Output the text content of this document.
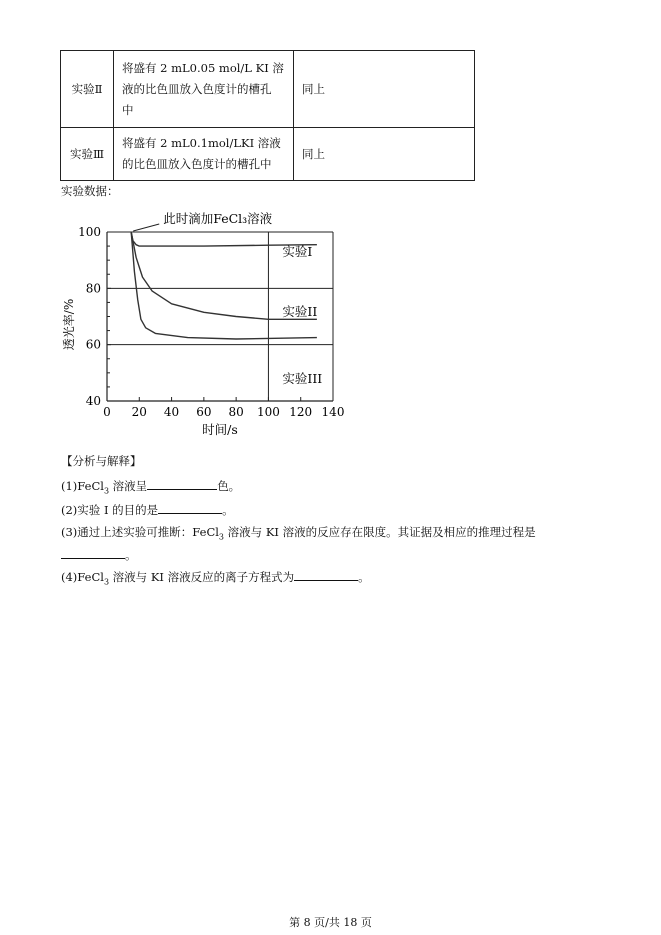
实验Ⅱ	将盛有 2 mL0.05 mol/L KI 溶
液的比色皿放入色度计的槽孔
中	同上
实验Ⅲ	将盛有 2 mL0.1mol/LKI 溶液
的比色皿放入色度计的槽孔中	同上
实验数据：
40
60
80
100
0 20 40 60 80 100 120 140
实验I
实验II
实验III
此时滴加FeCl₃溶液
时间/s
透光率/%
【分析与解释】
(1)FeCl$_3$ 溶液呈	色。
(2)实验 I 的目的是	。
(3)通过上述实验可推断：FeCl$_3$ 溶液与 KI 溶液的反应存在限度。其证据及相应的推理过程是
。
(4)FeCl$_3$ 溶液与 KI 溶液反应的离子方程式为	。
第 8 页/共 18 页
